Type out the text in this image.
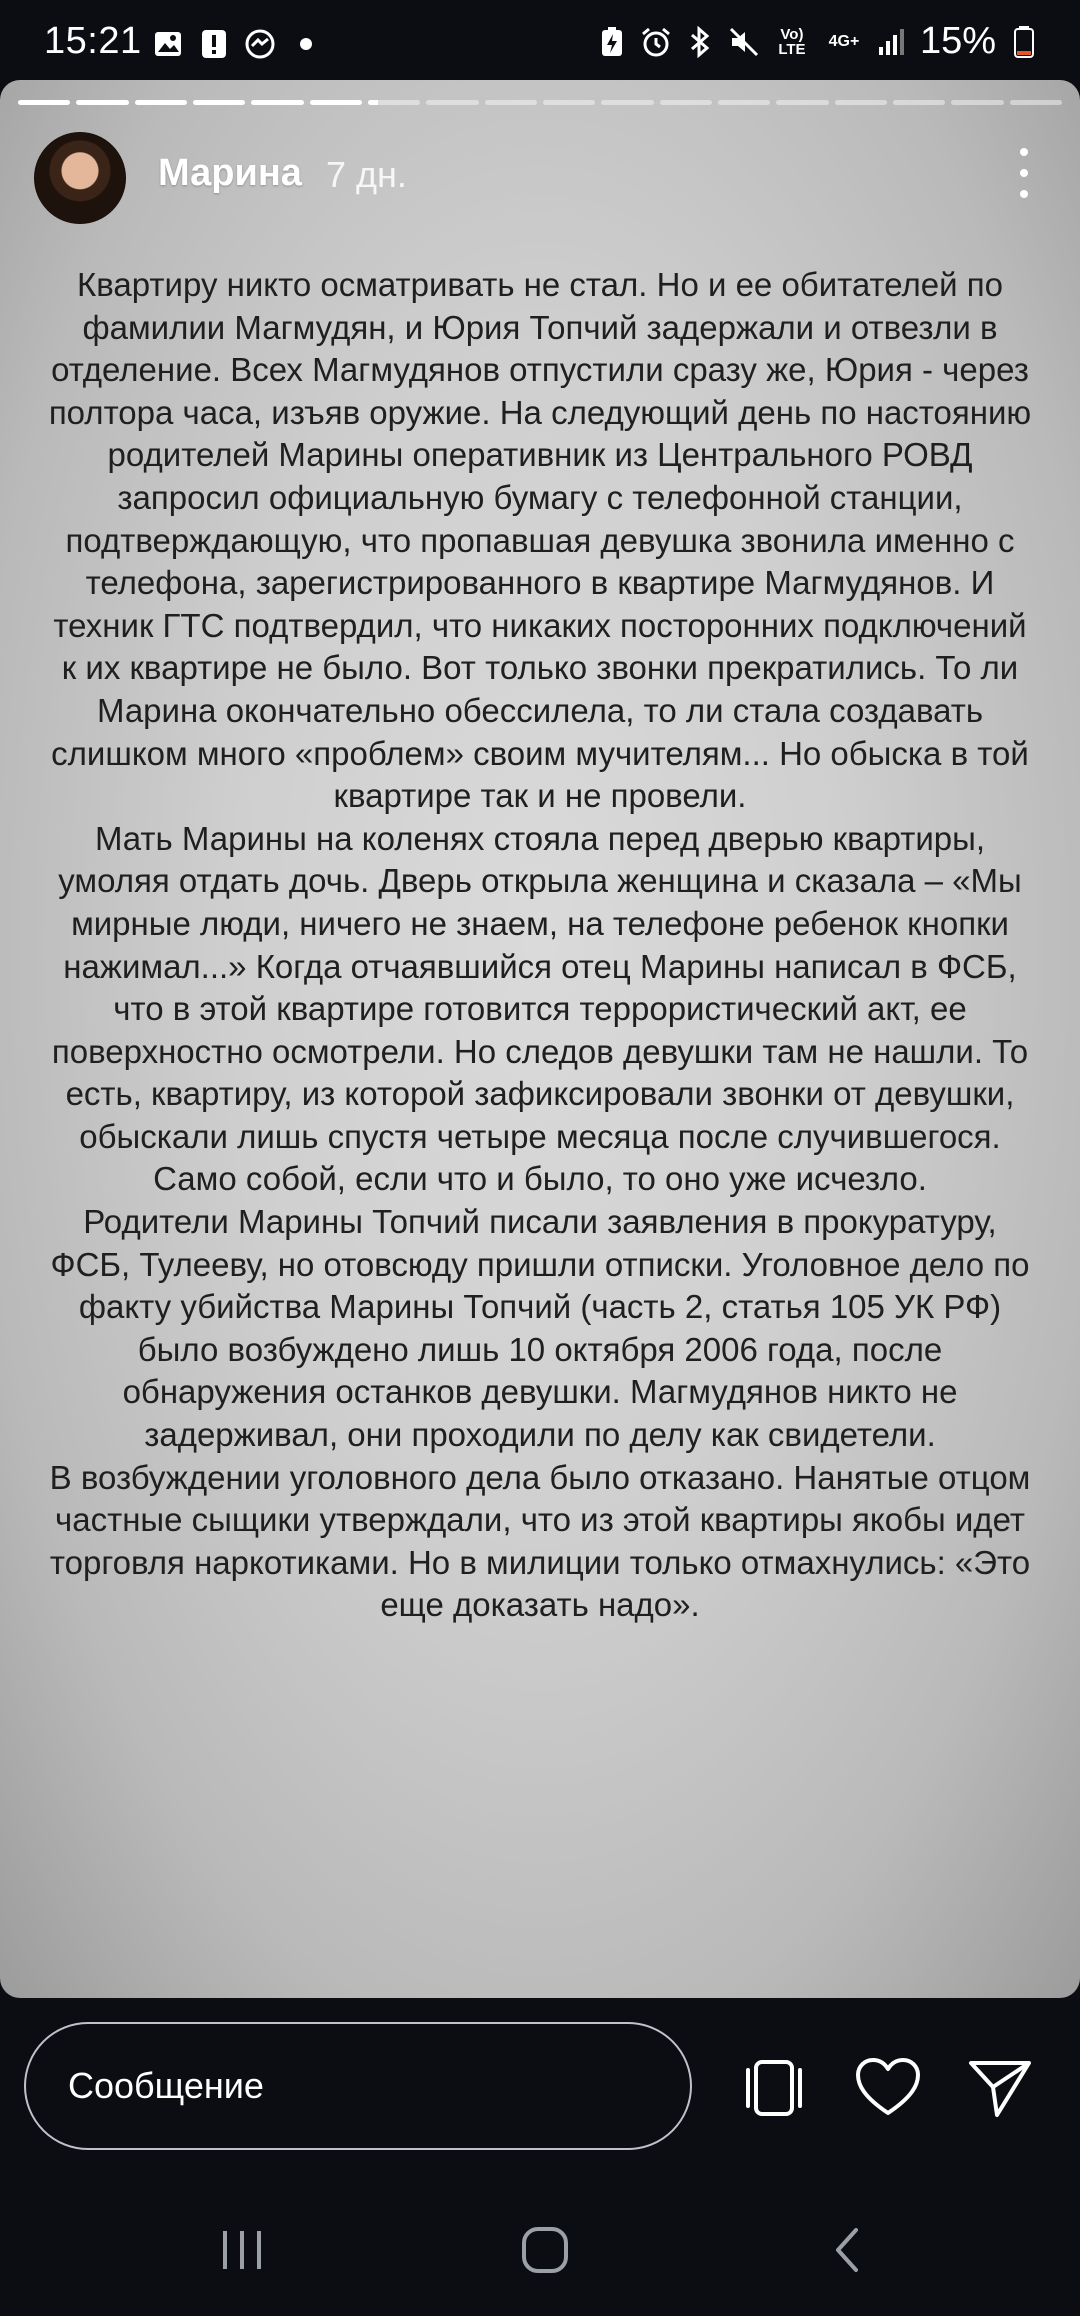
15:21	Vo) LTE	4G+ 15%
Марина 7 дн.

Квартиру никто осматривать не стал. Но и ее обитателей по фамилии Магмудян, и Юрия Топчий задержали и отвезли в отделение. Всех Магмудянов отпустили сразу же, Юрия - через полтора часа, изъяв оружие. На следующий день по настоянию родителей Марины оперативник из Центрального РОВД запросил официальную бумагу с телефонной станции, подтверждающую, что пропавшая девушка звонила именно с телефона, зарегистрированного в квартире Магмудянов. И техник ГТС подтвердил, что никаких посторонних подключений к их квартире не было. Вот только звонки прекратились. То ли Марина окончательно обессилела, то ли стала создавать слишком много «проблем» своим мучителям... Но обыска в той квартире так и не провели.

Мать Марины на коленях стояла перед дверью квартиры, умоляя отдать дочь. Дверь открыла женщина и сказала – «Мы мирные люди, ничего не знаем, на телефоне ребенок кнопки нажимал...» Когда отчаявшийся отец Марины написал в ФСБ, что в этой квартире готовится террористический акт, ее поверхностно осмотрели. Но следов девушки там не нашли. То есть, квартиру, из которой зафиксировали звонки от девушки, обыскали лишь спустя четыре месяца после случившегося. Само собой, если что и было, то оно уже исчезло.

Родители Марины Топчий писали заявления в прокуратуру, ФСБ, Тулееву, но отовсюду пришли отписки. Уголовное дело по факту убийства Марины Топчий (часть 2, статья 105 УК РФ) было возбуждено лишь 10 октября 2006 года, после обнаружения останков девушки. Магмудянов никто не задерживал, они проходили по делу как свидетели.

В возбуждении уголовного дела было отказано. Нанятые отцом частные сыщики утверждали, что из этой квартиры якобы идет торговля наркотиками. Но в милиции только отмахнулись: «Это еще доказать надо».

Сообщение
